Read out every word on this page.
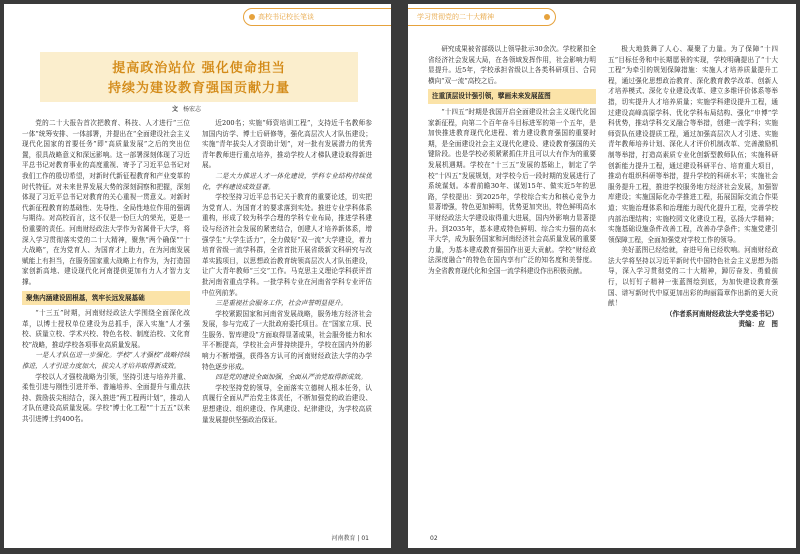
高校书记校长笔谈
提高政治站位 强化使命担当
持续为建设教育强国贡献力量
文 杨宏志

党的二十大报告首次把教育、科技、人才进行“三位一体”统筹安排、一体部署，并提出在“全面建设社会主义现代化国家的首要任务”即“高质量发展”之后的突出位置，很具战略意义和深远影响。这一部署深刻体现了习近平总书记对教育事业的高度重视、寄予了习近平总书记对我们工作的殷切希望，对新时代新征程教育和产业变革的时代特征。对未来世界发展大势的深刻洞察和把握，深刻体现了习近平总书记对教育的关心重视一贯意义。对新时代新征程教育的基础性、先导性、全局性地位作用的强调与期待。对高校而言，这不仅是一份巨大的荣光，更是一份重要的责任。河南财经政法大学作为省属骨干大学，将深入学习贯彻落实党的二十大精神，聚焦“两个确保”“十大战略”，在为党育人、为国育才上助力，在为河南发展赋能上有担当，在服务国家重大战略上有作为，为打造国家创新高地、建设现代化河南提供更加有力人才智力支撑。

聚焦内涵建设固根基，筑牢长远发展基础

“十三五”时期，河南财经政法大学围绕全面深化改革，以博士授权单位建设为总抓手，深入实施“人才强校、质量立校、学术兴校、特色名校、制度治校、文化育校”战略，推动学校各项事业高质量发展。

一是人才队伍进一步强化。学校“人才强校”战略持续推进，人才引进力度加大，拔尖人才培养取得新成效。

学校以人才强校战略为引领，坚持引进与培养并重、柔性引进与刚性引进并举、普遍培养、全面提升与重点扶持、鼓励拔尖相结合，深入推进“两工程两计划”，推动人才队伍建设高质量发展。学校“博士化工程”“十五五”以来共引进博士约400名。

近200名；实施“师资培训工程”，支持近千名教师参加国内访学、博士后研修等，强化高层次人才队伍建设；实施“青年拔尖人才资助计划”，对一批有发展潜力的优秀青年教师进行重点培养，推动学校人才梯队建设取得新进展。

二是大力推进人才一体化建设，学科专业结构持续优化，学科建设成效显著。

学校坚持习近平总书记关于教育的重要论述，切实把为党育人、为国育才的要求落到实处。推进专业学科体系重构，形成了较为科学合理的学科专业布局，推进学科建设与经济社会发展的紧密结合，创建人才培养新体系，增强学生“大学生活力”，全力做好“双一流”大学建设，着力培育省级一流学科群，全省首批开展省级新文科研究与改革实践项目，以思想政治教育统领高层次人才队伍建设，让广大青年教师“三交”工作。马克思主义理论学科获评首批河南省重点学科。一批学科专业在河南省学科专业评估中位列前茅。

三是重视社会服务工作，社会声誉明显提升。

学校紧跟国家和河南省发展战略，服务地方经济社会发展，参与完成了一大批政府委托项目。在“国家立项、民生服务、智库建设”方面取得显著成果，社会服务能力和水平不断提高，学校社会声誉持续提升，学校在国内外的影响力不断增强，获得各方认可的河南财经政法大学的办学特色逐步形成。

四是党的建设全面加强，全面从严治党取得新成效。

学校坚持党的领导，全面落实立德树人根本任务，认真履行全面从严治党主体责任，不断加强党的政治建设、思想建设、组织建设、作风建设、纪律建设，为学校高质量发展提供坚强政治保证。

河南教育 | 01
学习贯彻党的二十大精神

研究成果被省部级以上领导批示30余次。学校紧扣全省经济社会发展大局，在各领域发挥作用，社会影响力明显提升。近5年，学校承担省级以上各类科研项目、合同横向“双一流”高校之后。

注重顶层设计强引领，擘画未来发展蓝图

“十四五”时期是我国开启全面建设社会主义现代化国家新征程，向第二个百年奋斗目标进军的第一个五年，是加快推进教育现代化进程、着力建设教育强国的重要时期，是全面建设社会主义现代化建设、建设教育强国的关键阶段。也是学校必须紧紧抓住并且可以大有作为的重要发展机遇期。学校在“十三五”发展的基础上，制定了学校“十四五”发展规划，对学校今后一段时期的发展进行了系统谋划。本着前瞻30年、谋划15年、做实近5年的思路，学校提出：到2025年，学校综合实力和核心竞争力显著增强，特色更加鲜明，优势更加突出，特色鲜明高水平财经政法大学建设取得重大进展，国内外影响力显著提升。到2035年，基本建成特色鲜明、综合实力强的高水平大学，成为服务国家和河南经济社会高质量发展的重要力量，为基本建成教育强国作出更大贡献。学校“财经政法深度融合”的特色在国内享有广泛的知名度和美誉度。为全省教育现代化和全国一流学科建设作出积极贡献。

极大地鼓舞了人心、凝聚了力量。为了保障“十四五”目标任务和中长期愿景的实现，学校明确提出了“十大工程”为牵引的规划保障措施：实施人才培养质量提升工程，通过强化思想政治教育、深化教育教学改革、创新人才培养模式、深化专业建设改革、建立多维评价体系等举措，切实提升人才培养质量；实施学科建设提升工程，通过建设高峰高原学科、优化学科布局结构、强化“申博”学科优势，推动学科交叉融合等举措，创建一流学科；实施师资队伍建设提质工程，通过加强高层次人才引进、实施青年教师培养计划、深化人才评价机制改革、完善激励机制等举措，打造高素质专业化创新型教师队伍；实施科研创新能力提升工程，通过建设科研平台、培育重大项目，推动有组织科研等举措，提升学校的科研水平；实施社会服务提升工程，推进学校服务地方经济社会发展，加强智库建设；实施国际化办学推进工程，拓展国际交流合作渠道；实施治理体系和治理能力现代化提升工程，完善学校内部治理结构；实施校园文化建设工程，弘扬大学精神；实施基础设施条件改善工程，改善办学条件；实施党建引领保障工程，全面加强党对学校工作的领导。

美好蓝图已经绘就，奋进号角已经吹响。河南财经政法大学将坚持以习近平新时代中国特色社会主义思想为指导，深入学习贯彻党的二十大精神，踔厉奋发、勇毅前行，以钉钉子精神一张蓝图绘到底，为加快建设教育强国、谱写新时代中原更加出彩的绚丽篇章作出新的更大贡献！

（作者系河南财经政法大学党委书记）

责编：应　图

02
